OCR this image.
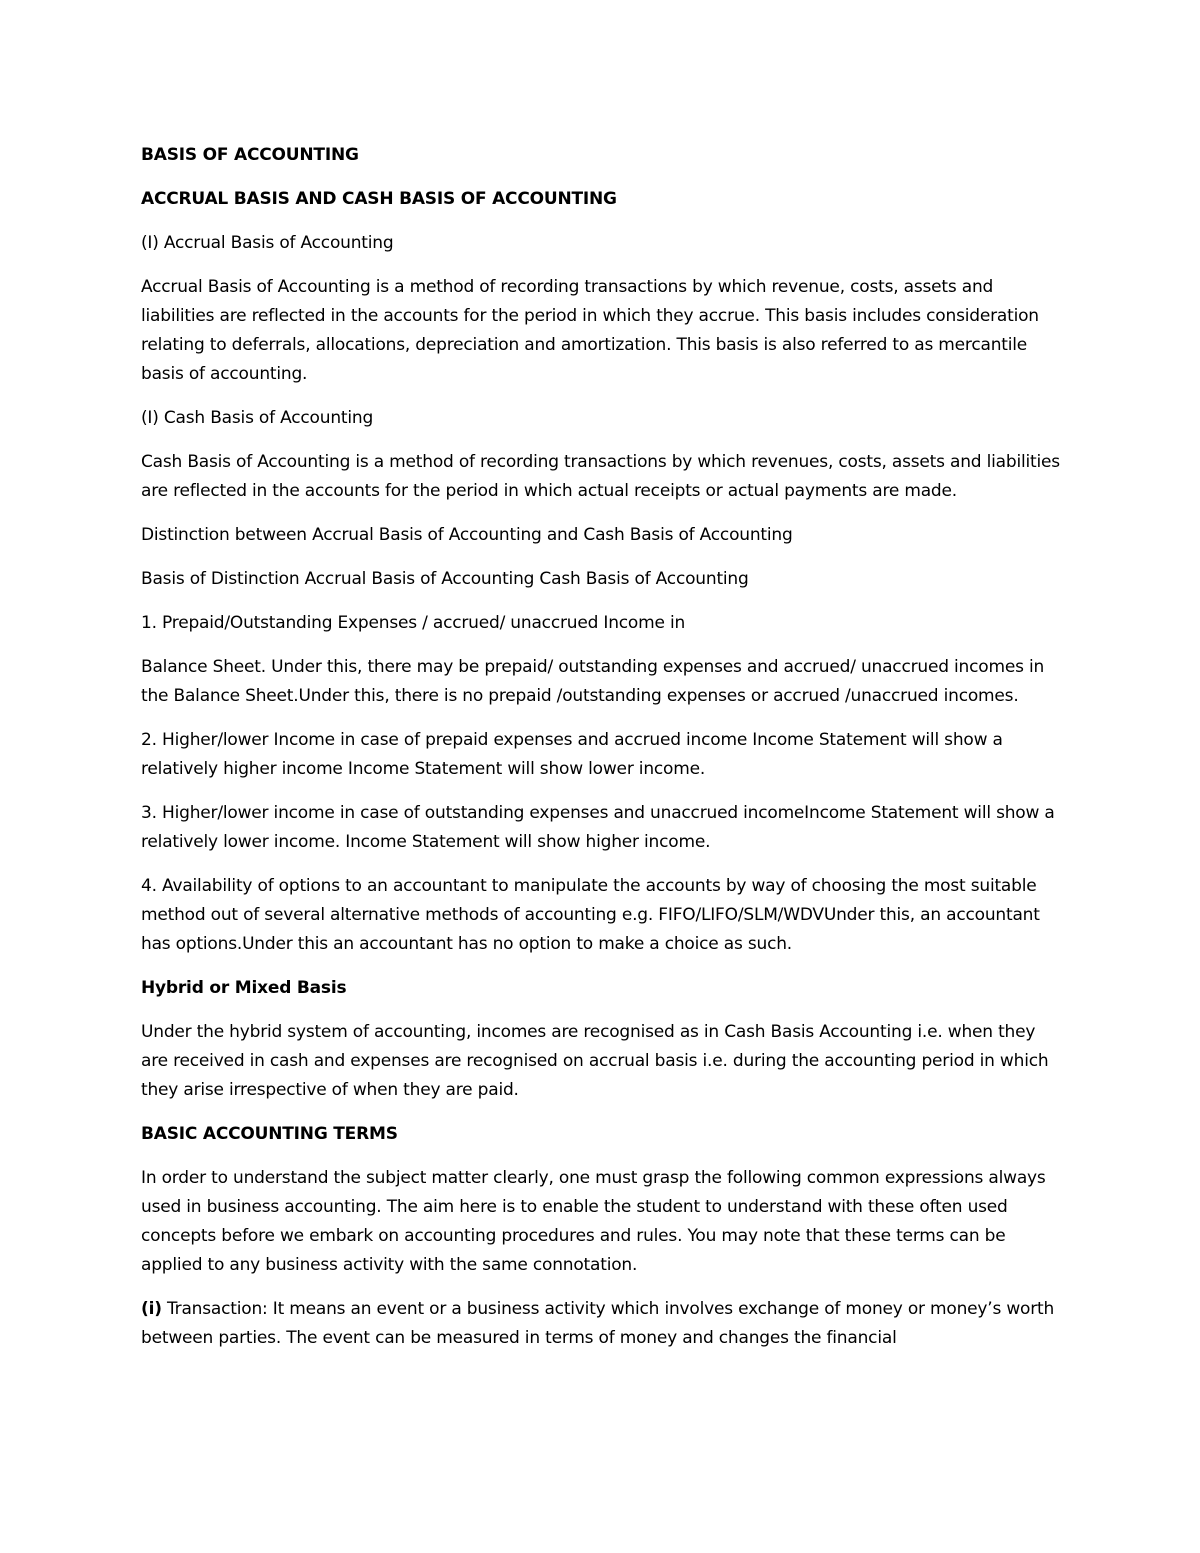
BASIS OF ACCOUNTING

ACCRUAL BASIS AND CASH BASIS OF ACCOUNTING

(I) Accrual Basis of Accounting

Accrual Basis of Accounting is a method of recording transactions by which revenue, costs, assets and liabilities are reflected in the accounts for the period in which they accrue. This basis includes consideration relating to deferrals, allocations, depreciation and amortization. This basis is also referred to as mercantile basis of accounting.

(I) Cash Basis of Accounting

Cash Basis of Accounting is a method of recording transactions by which revenues, costs, assets and liabilities are reflected in the accounts for the period in which actual receipts or actual payments are made.

Distinction between Accrual Basis of Accounting and Cash Basis of Accounting

Basis of Distinction Accrual Basis of Accounting Cash Basis of Accounting

1. Prepaid/Outstanding Expenses / accrued/ unaccrued Income in

Balance Sheet. Under this, there may be prepaid/ outstanding expenses and accrued/ unaccrued incomes in the Balance Sheet.Under this, there is no prepaid /outstanding expenses or accrued /unaccrued incomes.

2. Higher/lower Income in case of prepaid expenses and accrued income Income Statement will show a relatively higher income Income Statement will show lower income.

3. Higher/lower income in case of outstanding expenses and unaccrued incomeIncome Statement will show a relatively lower income. Income Statement will show higher income.

4. Availability of options to an accountant to manipulate the accounts by way of choosing the most suitable method out of several alternative methods of accounting e.g. FIFO/LIFO/SLM/WDVUnder this, an accountant has options.Under this an accountant has no option to make a choice as such.

Hybrid or Mixed Basis

Under the hybrid system of accounting, incomes are recognised as in Cash Basis Accounting i.e. when they are received in cash and expenses are recognised on accrual basis i.e. during the accounting period in which they arise irrespective of when they are paid.

BASIC ACCOUNTING TERMS

In order to understand the subject matter clearly, one must grasp the following common expressions always used in business accounting. The aim here is to enable the student to understand with these often used concepts before we embark on accounting procedures and rules. You may note that these terms can be applied to any business activity with the same connotation.

(i) Transaction: It means an event or a business activity which involves exchange of money or money’s worth between parties. The event can be measured in terms of money and changes the financial
